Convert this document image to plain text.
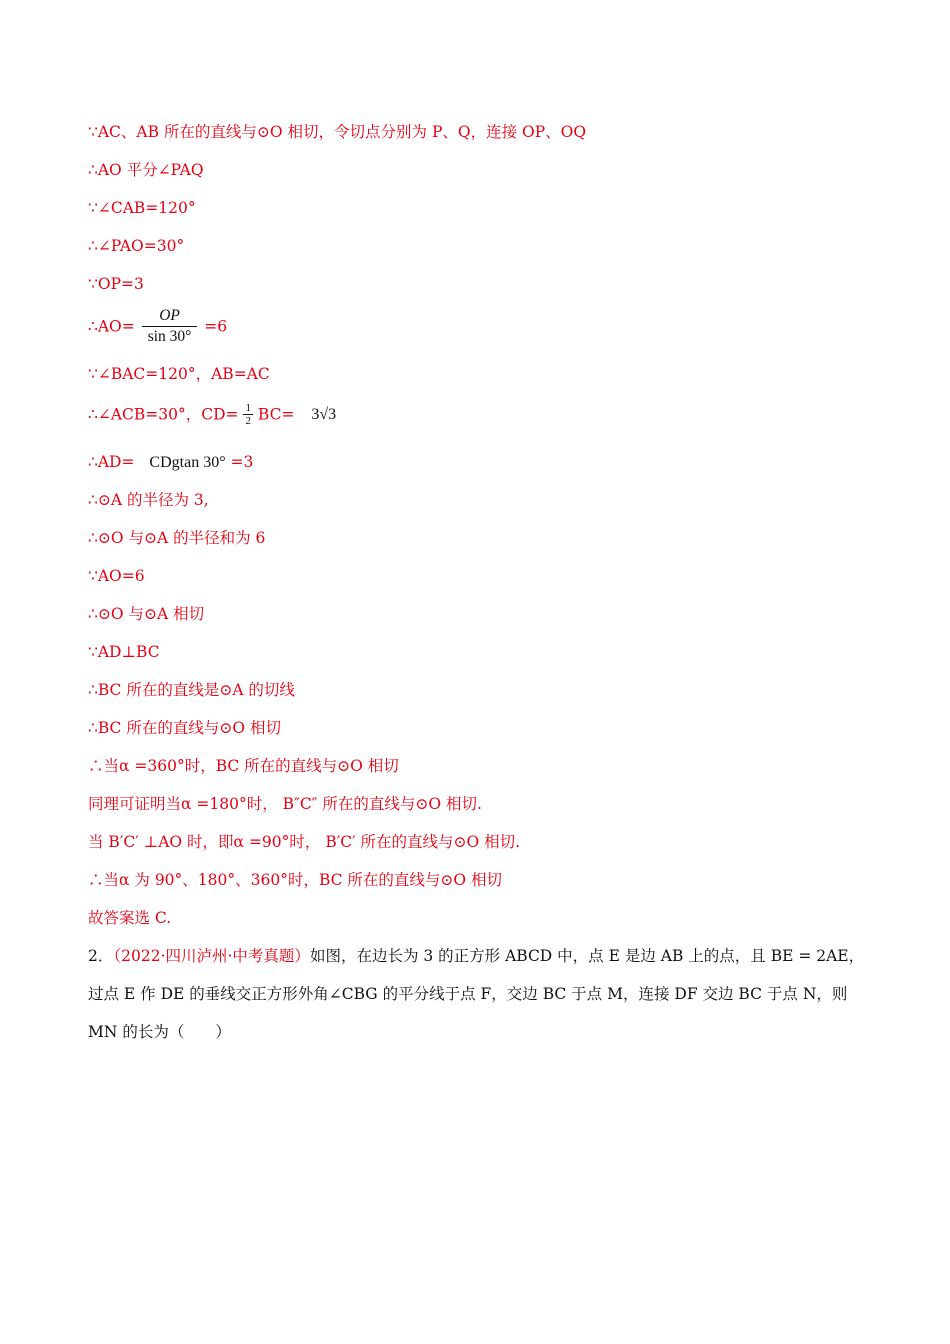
∵AC、AB 所在的直线与⊙O 相切，令切点分别为 P、Q，连接 OP、OQ
∴AO 平分∠PAQ
∵∠CAB=120°
∴∠PAO=30°
∵OP=3
∴AO= $\frac{OP}{\sin 30^\circ} =6$
∵∠BAC=120°，AB=AC
∴∠ACB=30°，$CD= \frac{1}{2} BC= 3√3$
∴AD= CDgtan 30° =3
∴⊙A 的半径为 3,
∴⊙O 与⊙A 的半径和为 6
∵AO=6
∴⊙O 与⊙A 相切
∵AD⊥BC
∴BC 所在的直线是⊙A 的切线
∴BC 所在的直线与⊙O 相切
∴当α =360°时，BC 所在的直线与⊙O 相切
同理可证明当α =180°时， B″C″ 所在的直线与⊙O 相切.
当 B′C′ ⊥AO 时，即α =90°时， B′C′ 所在的直线与⊙O 相切.
∴当α 为 90°、180°、360°时，BC 所在的直线与⊙O 相切
故答案选 C.
2．（2022·四川泸州·中考真题）如图，在边长为 3 的正方形 ABCD 中，点 E 是边 AB 上的点，且 BE = 2AE，
过点 E 作 DE 的垂线交正方形外角∠CBG 的平分线于点 F，交边 BC 于点 M，连接 DF 交边 BC 于点 N，则
MN 的长为（　　）
